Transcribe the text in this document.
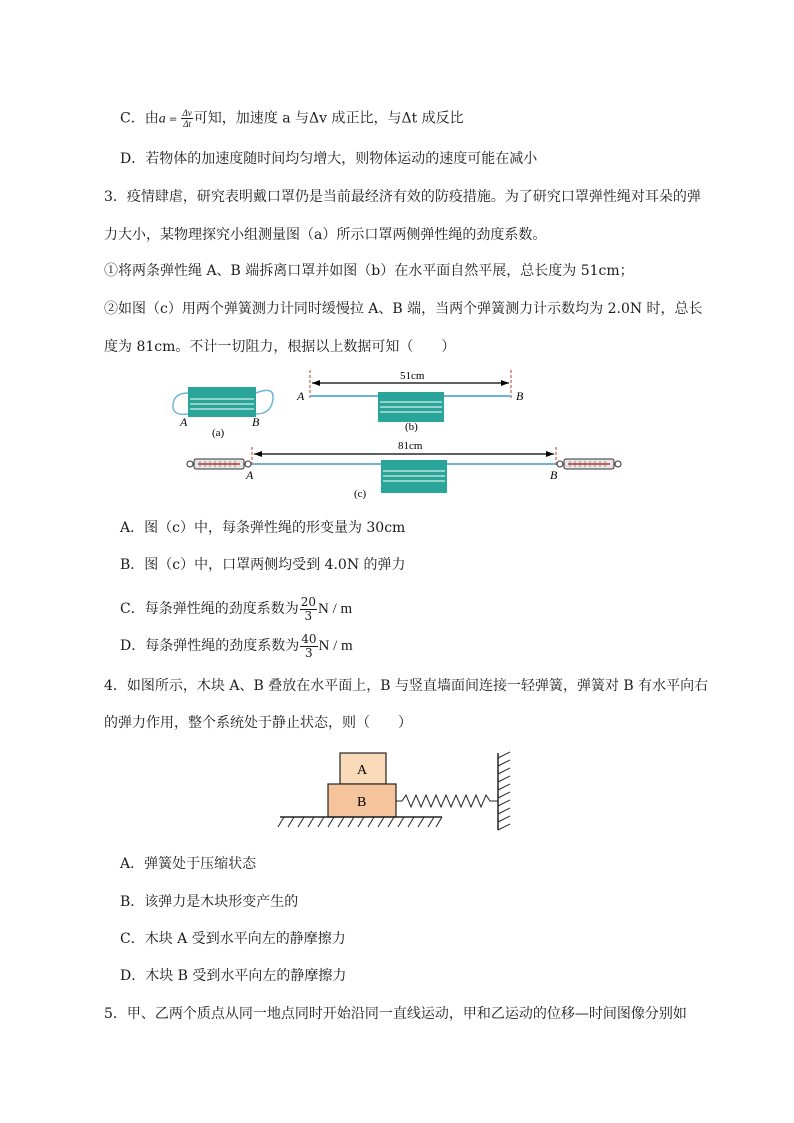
C．由$a = \frac{\Delta v}{\Delta t}$ 可知，加速度 a 与Δv 成正比，与Δt 成反比
D．若物体的加速度随时间均匀增大，则物体运动的速度可能在减小
3．疫情肆虐，研究表明戴口罩仍是当前最经济有效的防疫措施。为了研究口罩弹性绳对耳朵的弹
力大小，某物理探究小组测量图（a）所示口罩两侧弹性绳的劲度系数。
①将两条弹性绳 A、B 端拆离口罩并如图（b）在水平面自然平展，总长度为 51cm；
②如图（c）用两个弹簧测力计同时缓慢拉 A、B 端，当两个弹簧测力计示数均为 2.0N 时，总长
度为 81cm。不计一切阻力，根据以上数据可知（　　）
A	B
(a)
51cm
A	B
(b)
81cm
A	B
(c)
A．图（c）中，每条弹性绳的形变量为 30cm
B．图（c）中，口罩两侧均受到 4.0N 的弹力
C．每条弹性绳的劲度系数为 $\frac{20}{3}$ N / m
D．每条弹性绳的劲度系数为 $\frac{40}{3}$ N / m
4．如图所示，木块 A、B 叠放在水平面上，B 与竖直墙面间连接一轻弹簧，弹簧对 B 有水平向右
的弹力作用，整个系统处于静止状态，则（　　）
A
B
A．弹簧处于压缩状态
B．该弹力是木块形变产生的
C．木块 A 受到水平向左的静摩擦力
D．木块 B 受到水平向左的静摩擦力
5．甲、乙两个质点从同一地点同时开始沿同一直线运动，甲和乙运动的位移—时间图像分别如
